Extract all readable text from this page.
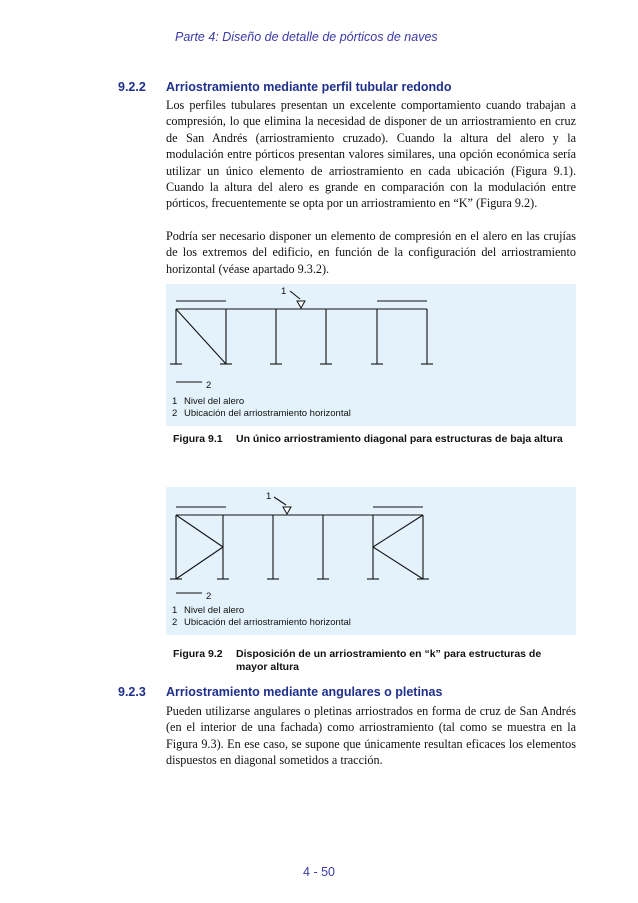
Parte 4: Diseño de detalle de pórticos de naves
9.2.2 Arriostramiento mediante perfil tubular redondo

Los perfiles tubulares presentan un excelente comportamiento cuando trabajan a compresión, lo que elimina la necesidad de disponer de un arriostramiento en cruz de San Andrés (arriostramiento cruzado). Cuando la altura del alero y la modulación entre pórticos presentan valores similares, una opción económica sería utilizar un único elemento de arriostramiento en cada ubicación (Figura 9.1). Cuando la altura del alero es grande en comparación con la modulación entre pórticos, frecuentemente se opta por un arriostramiento en “K” (Figura 9.2).

Podría ser necesario disponer un elemento de compresión en el alero en las crujías de los extremos del edificio, en función de la configuración del arriostramiento horizontal (véase apartado 9.3.2).

1
2
1 Nivel del alero
2 Ubicación del arriostramiento horizontal
Figura 9.1 Un único arriostramiento diagonal para estructuras de baja altura
1
2
1 Nivel del alero
2 Ubicación del arriostramiento horizontal
Figura 9.2 Disposición de un arriostramiento en “k” para estructuras de mayor altura
9.2.3 Arriostramiento mediante angulares o pletinas

Pueden utilizarse angulares o pletinas arriostrados en forma de cruz de San Andrés (en el interior de una fachada) como arriostramiento (tal como se muestra en la Figura 9.3). En ese caso, se supone que únicamente resultan eficaces los elementos dispuestos en diagonal sometidos a tracción.

4 - 50
